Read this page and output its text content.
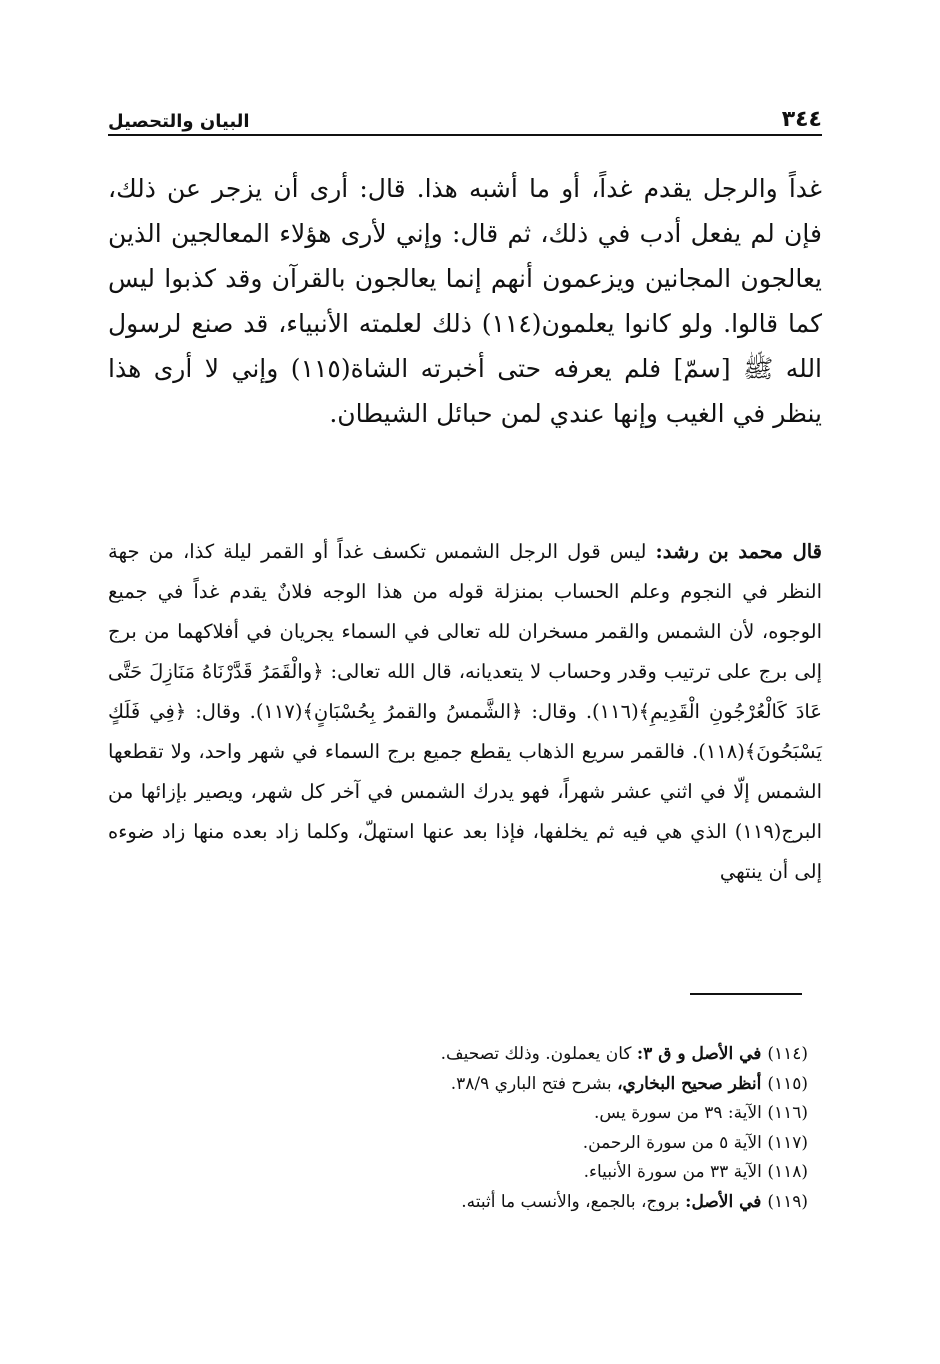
٣٤٤
البيان والتحصيل

غداً والرجل يقدم غداً، أو ما أشبه هذا. قال: أرى أن يزجر عن ذلك، فإن لم يفعل أدب في ذلك، ثم قال: وإني لأرى هؤلاء المعالجين الذين يعالجون المجانين ويزعمون أنهم إنما يعالجون بالقرآن وقد كذبوا ليس كما قالوا. ولو كانوا يعلمون(١١٤) ذلك لعلمته الأنبياء، قد صنع لرسول الله ﷺ [سمّ] فلم يعرفه حتى أخبرته الشاة(١١٥) وإني لا أرى هذا ينظر في الغيب وإنها عندي لمن حبائل الشيطان.

قال محمد بن رشد: ليس قول الرجل الشمس تكسف غداً أو القمر ليلة كذا، من جهة النظر في النجوم وعلم الحساب بمنزلة قوله من هذا الوجه فلانٌ يقدم غداً في جميع الوجوه، لأن الشمس والقمر مسخران لله تعالى في السماء يجريان في أفلاكهما من برج إلى برج على ترتيب وقدر وحساب لا يتعديانه، قال الله تعالى: ﴿والْقَمَرُ قَدَّرْنَاهُ مَنَازِلَ حَتَّى عَادَ كَالْعُرْجُونِ الْقَدِيمِ﴾(١١٦). وقال: ﴿الشَّمسُ والقمرُ بِحُسْبَانٍ﴾(١١٧). وقال: ﴿فِي فَلَكٍ يَسْبَحُونَ﴾(١١٨). فالقمر سريع الذهاب يقطع جميع برج السماء في شهر واحد، ولا تقطعها الشمس إلّا في اثني عشر شهراً، فهو يدرك الشمس في آخر كل شهر، ويصير بإزائها من البرج(١١٩) الذي هي فيه ثم يخلفها، فإذا بعد عنها استهلّ، وكلما زاد بعده منها زاد ضوءه إلى أن ينتهي

(١١٤) في الأصل و ق ٣: كان يعملون. وذلك تصحيف.
(١١٥) أنظر صحيح البخاري، بشرح فتح الباري ٣٨/٩.
(١١٦) الآية: ٣٩ من سورة يس.
(١١٧) الآية ٥ من سورة الرحمن.
(١١٨) الآية ٣٣ من سورة الأنبياء.
(١١٩) في الأصل: بروج، بالجمع، والأنسب ما أثبته.
